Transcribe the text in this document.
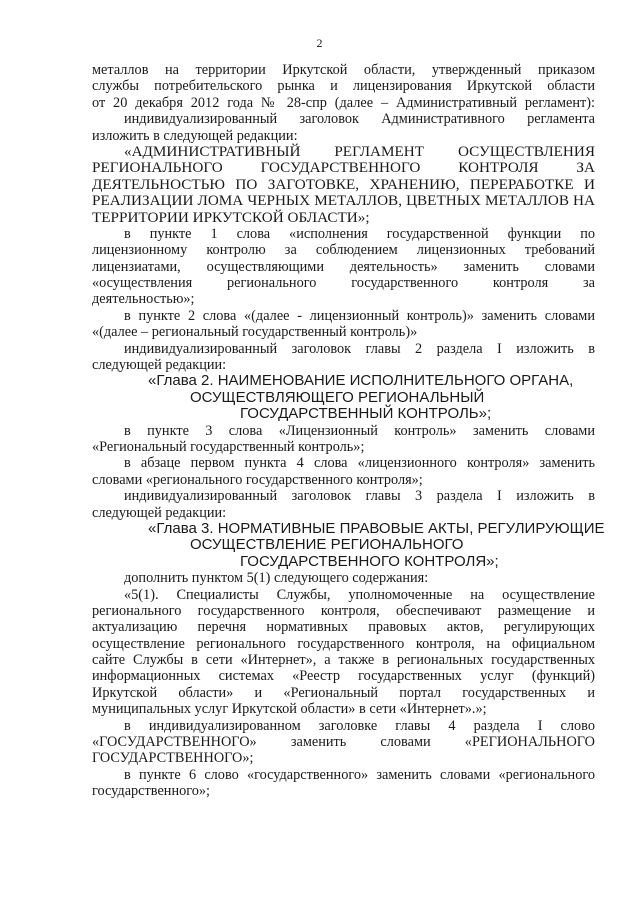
2
металлов на территории Иркутской области, утвержденный приказом
службы потребительского рынка и лицензирования Иркутской области
от 20 декабря 2012 года № 28-спр (далее – Административный регламент):
индивидуализированный заголовок Административного регламента
изложить в следующей редакции:
«АДМИНИСТРАТИВНЫЙ РЕГЛАМЕНТ ОСУЩЕСТВЛЕНИЯ
РЕГИОНАЛЬНОГО ГОСУДАРСТВЕННОГО КОНТРОЛЯ ЗА
ДЕЯТЕЛЬНОСТЬЮ ПО ЗАГОТОВКЕ, ХРАНЕНИЮ, ПЕРЕРАБОТКЕ И
РЕАЛИЗАЦИИ ЛОМА ЧЕРНЫХ МЕТАЛЛОВ, ЦВЕТНЫХ МЕТАЛЛОВ НА
ТЕРРИТОРИИ ИРКУТСКОЙ ОБЛАСТИ»;
в пункте 1 слова «исполнения государственной функции по
лицензионному контролю за соблюдением лицензионных требований
лицензиатами, осуществляющими деятельность» заменить словами
«осуществления регионального государственного контроля за
деятельностью»;
в пункте 2 слова «(далее - лицензионный контроль)» заменить словами
«(далее – региональный государственный контроль)»
индивидуализированный заголовок главы 2 раздела I изложить в
следующей редакции:
«Глава 2. НАИМЕНОВАНИЕ ИСПОЛНИТЕЛЬНОГО ОРГАНА,
ОСУЩЕСТВЛЯЮЩЕГО РЕГИОНАЛЬНЫЙ
ГОСУДАРСТВЕННЫЙ КОНТРОЛЬ»;
в пункте 3 слова «Лицензионный контроль» заменить словами
«Региональный государственный контроль»;
в абзаце первом пункта 4 слова «лицензионного контроля» заменить
словами «регионального государственного контроля»;
индивидуализированный заголовок главы 3 раздела I изложить в
следующей редакции:
«Глава 3. НОРМАТИВНЫЕ ПРАВОВЫЕ АКТЫ, РЕГУЛИРУЮЩИЕ
ОСУЩЕСТВЛЕНИЕ РЕГИОНАЛЬНОГО
ГОСУДАРСТВЕННОГО КОНТРОЛЯ»;
дополнить пунктом 5(1) следующего содержания:
«5(1). Специалисты Службы, уполномоченные на осуществление
регионального государственного контроля, обеспечивают размещение и
актуализацию перечня нормативных правовых актов, регулирующих
осуществление регионального государственного контроля, на официальном
сайте Службы в сети «Интернет», а также в региональных государственных
информационных системах «Реестр государственных услуг (функций)
Иркутской области» и «Региональный портал государственных и
муниципальных услуг Иркутской области» в сети «Интернет».»;
в индивидуализированном заголовке главы 4 раздела I слово
«ГОСУДАРСТВЕННОГО» заменить словами «РЕГИОНАЛЬНОГО
ГОСУДАРСТВЕННОГО»;
в пункте 6 слово «государственного» заменить словами «регионального
государственного»;
